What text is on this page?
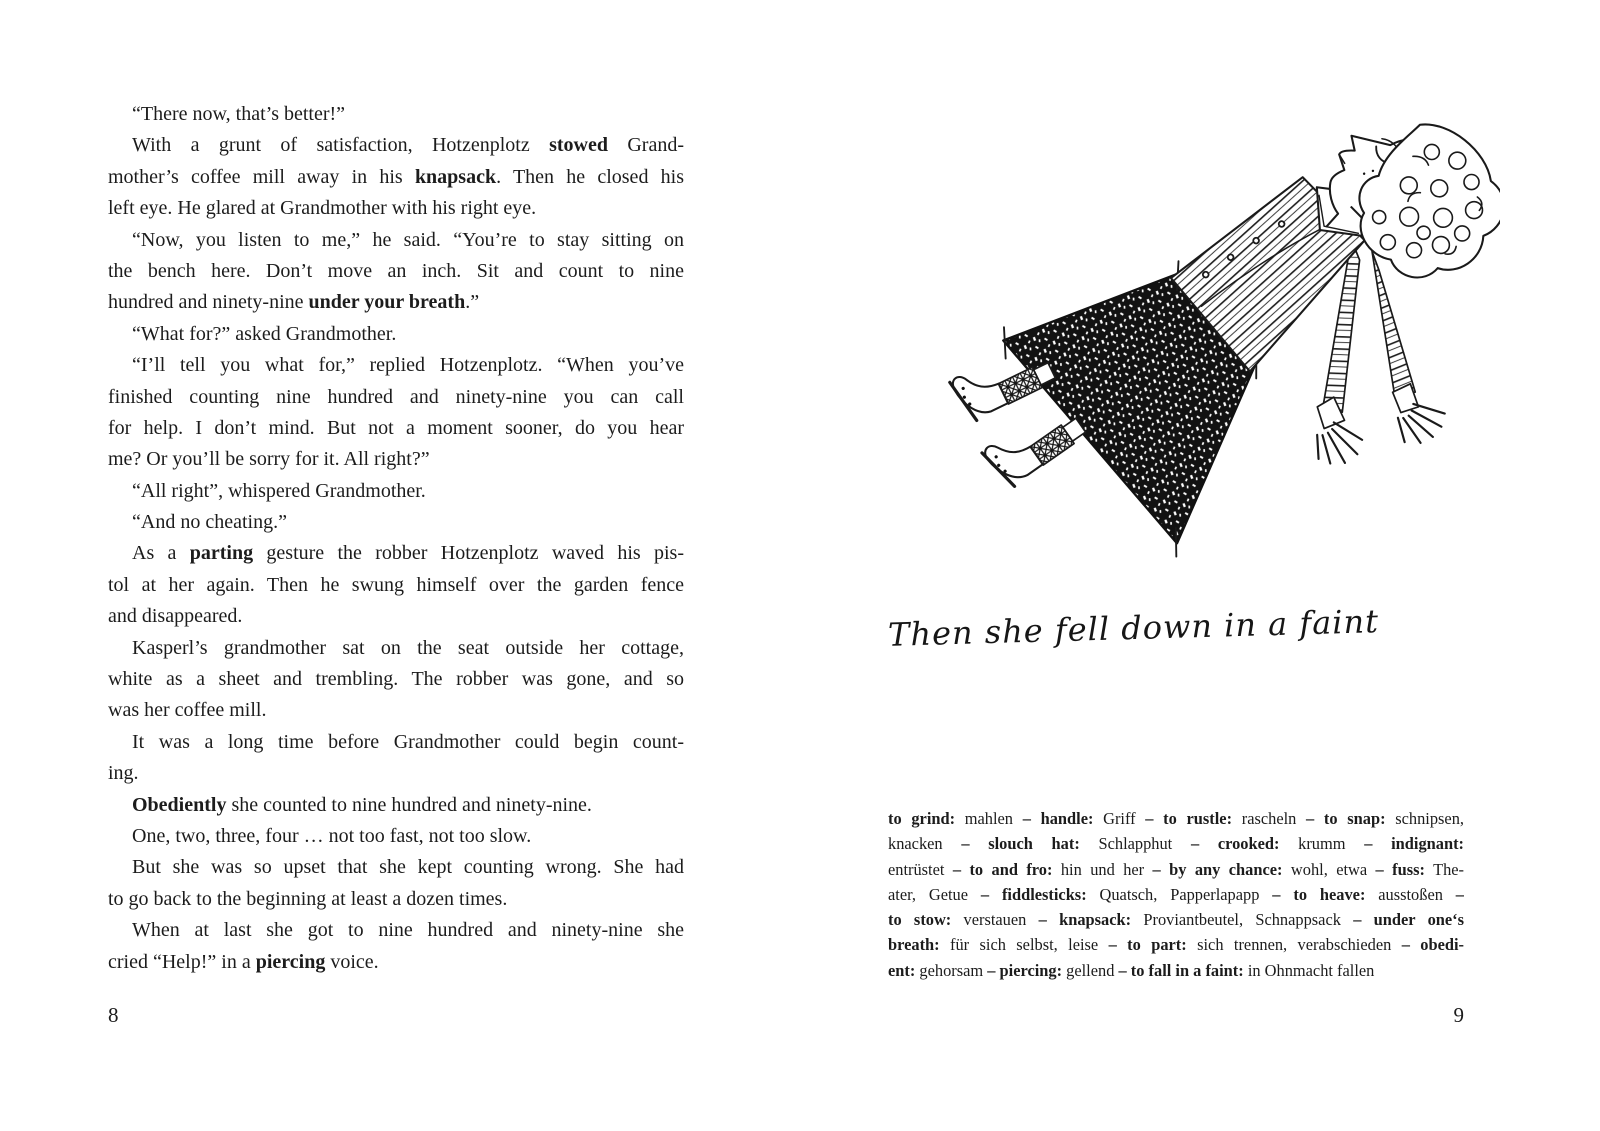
“There now, that’s better!”
With a grunt of satisfaction, Hotzenplotz stowed Grand-
mother’s coffee mill away in his knapsack. Then he closed his
left eye. He glared at Grandmother with his right eye.
“Now, you listen to me,” he said. “You’re to stay sitting on
the bench here. Don’t move an inch. Sit and count to nine
hundred and ninety-nine under your breath.”
“What for?” asked Grandmother.
“I’ll tell you what for,” replied Hotzenplotz. “When you’ve
finished counting nine hundred and ninety-nine you can call
for help. I don’t mind. But not a moment sooner, do you hear
me? Or you’ll be sorry for it. All right?”
“All right”, whispered Grandmother.
“And no cheating.”
As a parting gesture the robber Hotzenplotz waved his pis-
tol at her again. Then he swung himself over the garden fence
and disappeared.
Kasperl’s grandmother sat on the seat outside her cottage,
white as a sheet and trembling. The robber was gone, and so
was her coffee mill.
It was a long time before Grandmother could begin count-
ing.
Obediently she counted to nine hundred and ninety-nine.
One, two, three, four … not too fast, not too slow.
But she was so upset that she kept counting wrong. She had
to go back to the beginning at least a dozen times.
When at last she got to nine hundred and ninety-nine she
cried “Help!” in a piercing voice.
8
Then she fell down in a faint
to grind: mahlen – handle: Griff – to rustle: rascheln – to snap: schnipsen,
knacken – slouch hat: Schlapphut – crooked: krumm – indignant:
entrüstet – to and fro: hin und her – by any chance: wohl, etwa – fuss: The-
ater, Getue – fiddlesticks: Quatsch, Papperlapapp – to heave: ausstoßen –
to stow: verstauen – knapsack: Proviantbeutel, Schnappsack – under one‘s
breath: für sich selbst, leise – to part: sich trennen, verabschieden – obedi-
ent: gehorsam – piercing: gellend – to fall in a faint: in Ohnmacht fallen
9
